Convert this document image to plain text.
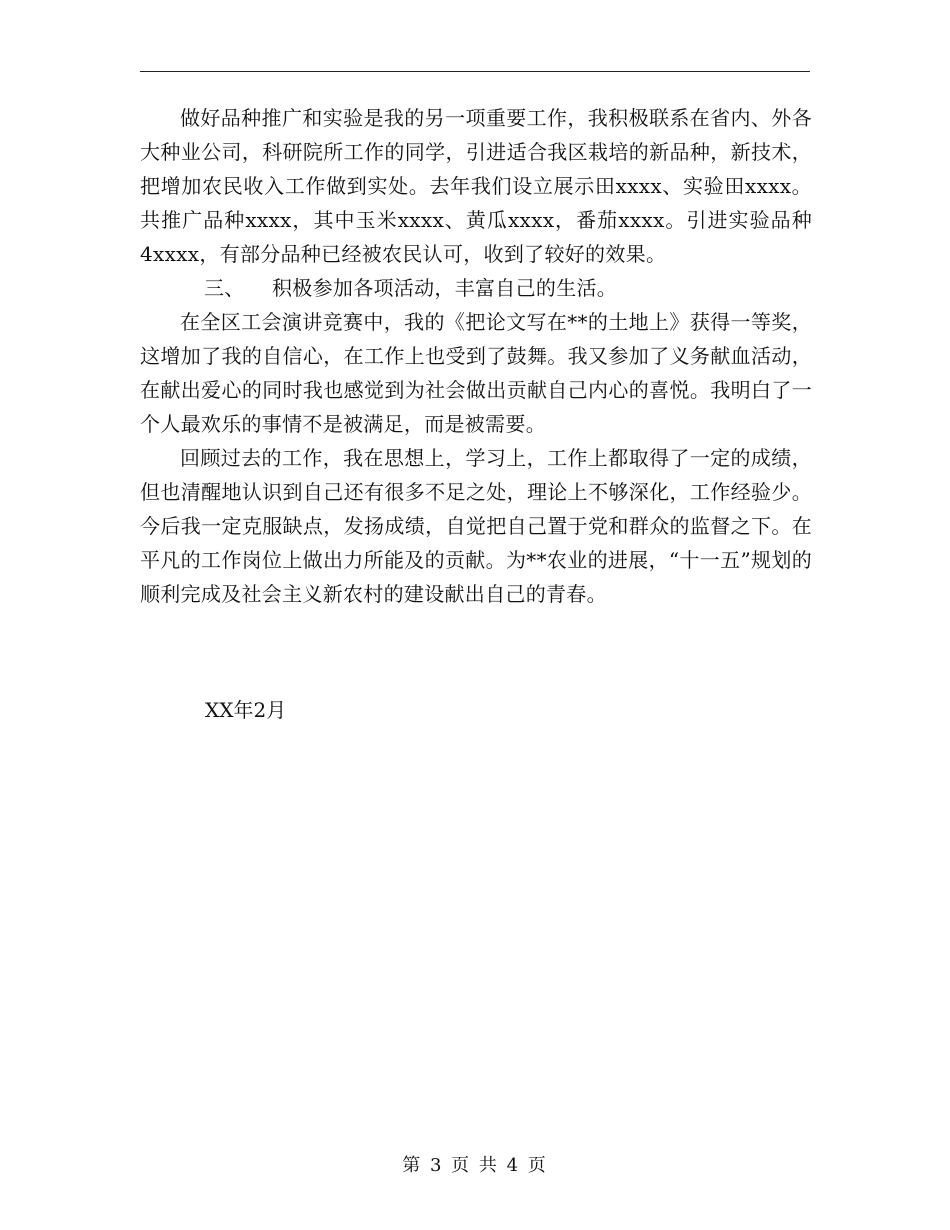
做好品种推广和实验是我的另一项重要工作，我积极联系在省内、外各大种业公司，科研院所工作的同学，引进适合我区栽培的新品种，新技术，把增加农民收入工作做到实处。去年我们设立展示田xxxx、实验田xxxx。共推广品种xxxx，其中玉米xxxx、黄瓜xxxx，番茄xxxx。引进实验品种4xxxx，有部分品种已经被农民认可，收到了较好的效果。

三、 积极参加各项活动，丰富自己的生活。

在全区工会演讲竞赛中，我的《把论文写在**的土地上》获得一等奖，这增加了我的自信心，在工作上也受到了鼓舞。我又参加了义务献血活动，在献出爱心的同时我也感觉到为社会做出贡献自己内心的喜悦。我明白了一个人最欢乐的事情不是被满足，而是被需要。

回顾过去的工作，我在思想上，学习上，工作上都取得了一定的成绩，但也清醒地认识到自己还有很多不足之处，理论上不够深化，工作经验少。今后我一定克服缺点，发扬成绩，自觉把自己置于党和群众的监督之下。在平凡的工作岗位上做出力所能及的贡献。为**农业的进展，“十一五”规划的顺利完成及社会主义新农村的建设献出自己的青春。

XX年2月
第 3 页 共 4 页
